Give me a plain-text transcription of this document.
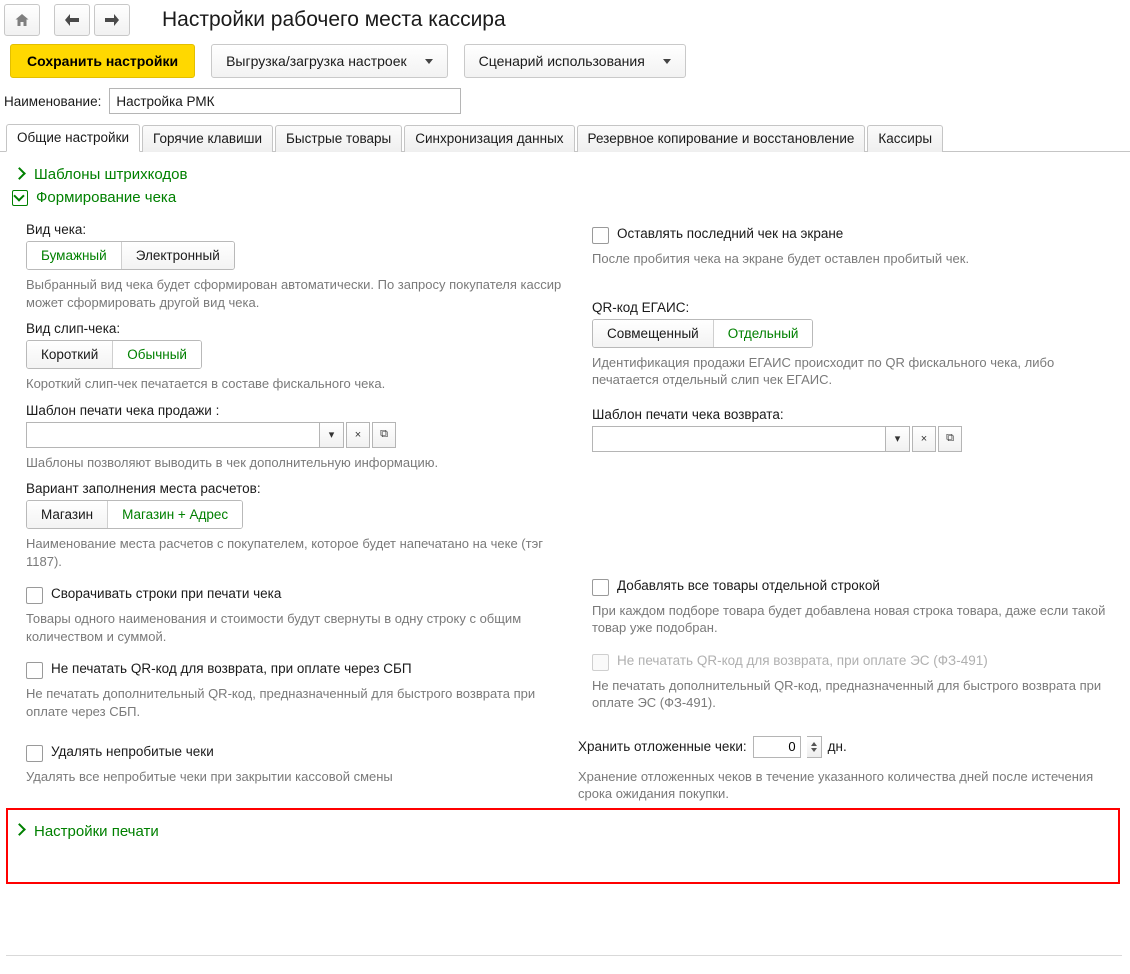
Настройки рабочего места кассира
Сохранить настройки	Выгрузка/загрузка настроек	Сценарий использования
Наименование:
Настройка РМК
Общие настройки	Горячие клавиши	Быстрые товары	Синхронизация данных	Резервное копирование и восстановление	Кассиры
Шаблоны штрихкодов
Формирование чека
Вид чека:
Бумажный	Электронный
Выбранный вид чека будет сформирован автоматически. По запросу покупателя кассир может сформировать другой вид чека.
Вид слип-чека:
Короткий	Обычный
Короткий слип-чек печатается в составе фискального чека.
Шаблон печати чека продажи :
▾	×	⧉
Шаблоны позволяют выводить в чек дополнительную информацию.
Вариант заполнения места расчетов:
Магазин	Магазин + Адрес
Наименование места расчетов с покупателем, которое будет напечатано на чеке (тэг 1187).
Сворачивать строки при печати чека
Товары одного наименования и стоимости будут свернуты в одну строку с общим количеством и суммой.
Не печатать QR-код для возврата, при оплате через СБП
Не печатать дополнительный QR-код, предназначенный для быстрого возврата при оплате через СБП.
Удалять непробитые чеки
Удалять все непробитые чеки при закрытии кассовой смены
Оставлять последний чек на экране
После пробития чека на экране будет оставлен пробитый чек.
QR-код ЕГАИС:
Совмещенный	Отдельный
Идентификация продажи ЕГАИС происходит по QR фискального чека, либо печатается отдельный слип чек ЕГАИС.
Шаблон печати чека возврата:
▾	×	⧉
Добавлять все товары отдельной строкой
При каждом подборе товара будет добавлена новая строка товара, даже если такой товар уже подобран.
Не печатать QR-код для возврата, при оплате ЭС (ФЗ-491)
Не печатать дополнительный QR-код, предназначенный для быстрого возврата при оплате ЭС (ФЗ-491).
Хранить отложенные чеки:
0	дн.
Хранение отложенных чеков в течение указанного количества дней после истечения срока ожидания покупки.
Настройки печати
